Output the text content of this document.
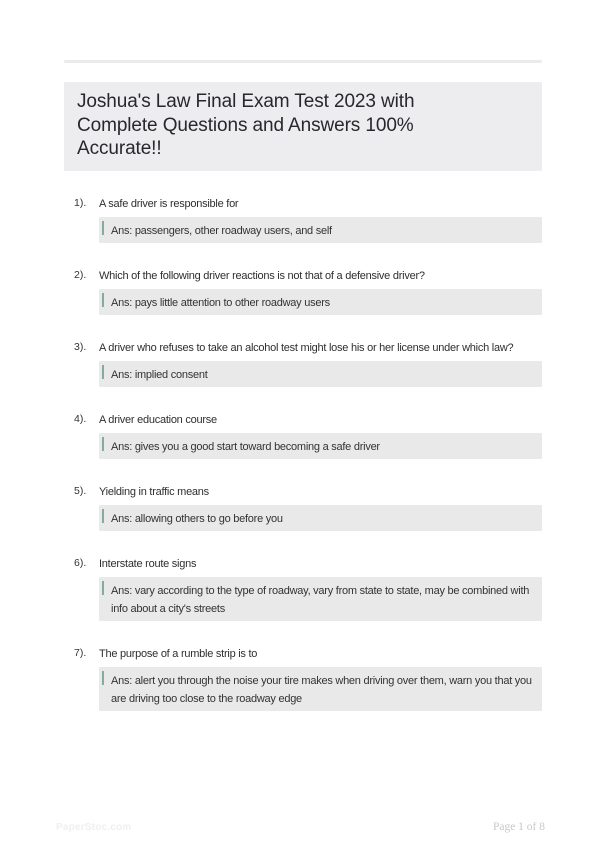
Joshua's Law Final Exam Test 2023 with
Complete Questions and Answers 100%
Accurate!!
1). A safe driver is responsible for
Ans: passengers, other roadway users, and self
2). Which of the following driver reactions is not that of a defensive driver?
Ans: pays little attention to other roadway users
3). A driver who refuses to take an alcohol test might lose his or her license under which law?
Ans: implied consent
4). A driver education course
Ans: gives you a good start toward becoming a safe driver
5). Yielding in traffic means
Ans: allowing others to go before you
6). Interstate route signs
Ans: vary according to the type of roadway, vary from state to state, may be combined with info about a city's streets
7). The purpose of a rumble strip is to
Ans: alert you through the noise your tire makes when driving over them, warn you that you are driving too close to the roadway edge
PaperStoc.com	Page 1 of 8
